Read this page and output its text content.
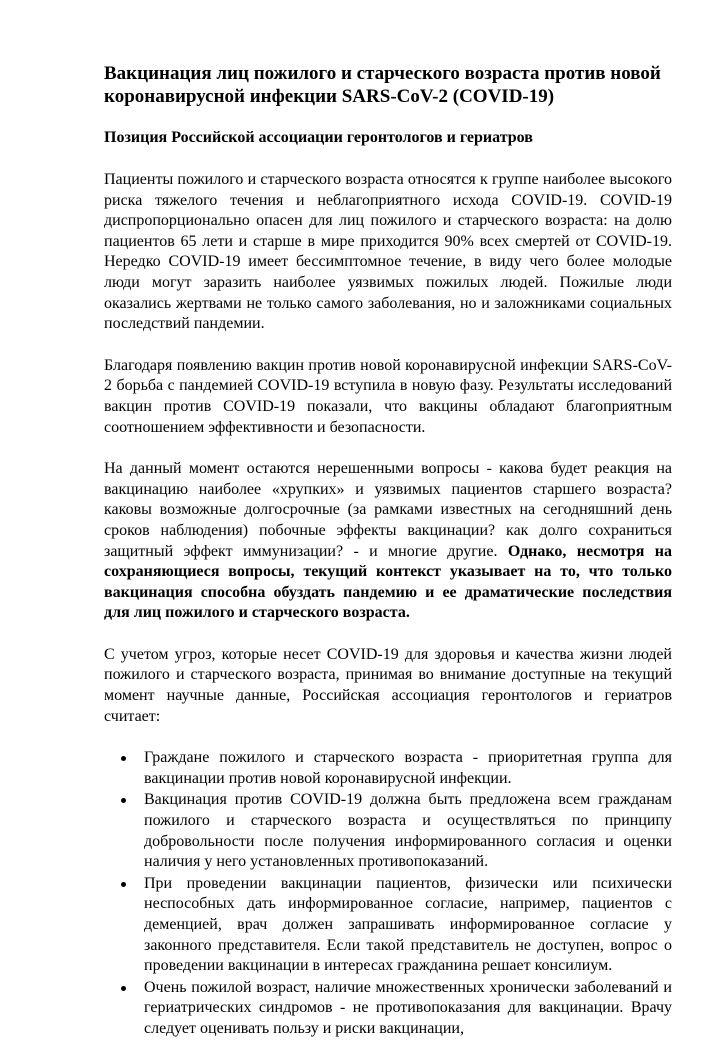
Вакцинация лиц пожилого и старческого возраста против новой коронавирусной инфекции SARS-CoV-2 (COVID-19)
Позиция Российской ассоциации геронтологов и гериатров
Пациенты пожилого и старческого возраста относятся к группе наиболее высокого риска тяжелого течения и неблагоприятного исхода COVID-19. COVID-19 диспропорционально опасен для лиц пожилого и старческого возраста: на долю пациентов 65 лети и старше в мире приходится 90% всех смертей от COVID-19. Нередко COVID-19 имеет бессимптомное течение, в виду чего более молодые люди могут заразить наиболее уязвимых пожилых людей. Пожилые люди оказались жертвами не только самого заболевания, но и заложниками социальных последствий пандемии.
Благодаря появлению вакцин против новой коронавирусной инфекции SARS-CoV-2 борьба с пандемией COVID-19 вступила в новую фазу. Результаты исследований вакцин против COVID-19 показали, что вакцины обладают благоприятным соотношением эффективности и безопасности.
На данный момент остаются нерешенными вопросы - какова будет реакция на вакцинацию наиболее «хрупких» и уязвимых пациентов старшего возраста? каковы возможные долгосрочные (за рамками известных на сегодняшний день сроков наблюдения) побочные эффекты вакцинации? как долго сохраниться защитный эффект иммунизации? - и многие другие. Однако, несмотря на сохраняющиеся вопросы, текущий контекст указывает на то, что только вакцинация способна обуздать пандемию и ее драматические последствия для лиц пожилого и старческого возраста.
С учетом угроз, которые несет COVID-19 для здоровья и качества жизни людей пожилого и старческого возраста, принимая во внимание доступные на текущий момент научные данные, Российская ассоциация геронтологов и гериатров считает:
Граждане пожилого и старческого возраста - приоритетная группа для вакцинации против новой коронавирусной инфекции.
Вакцинация против COVID-19 должна быть предложена всем гражданам пожилого и старческого возраста и осуществляться по принципу добровольности после получения информированного согласия и оценки наличия у него установленных противопоказаний.
При проведении вакцинации пациентов, физически или психически неспособных дать информированное согласие, например, пациентов с деменцией, врач должен запрашивать информированное согласие у законного представителя. Если такой представитель не доступен, вопрос о проведении вакцинации в интересах гражданина решает консилиум.
Очень пожилой возраст, наличие множественных хронически заболеваний и гериатрических синдромов - не противопоказания для вакцинации. Врачу следует оценивать пользу и риски вакцинации,
